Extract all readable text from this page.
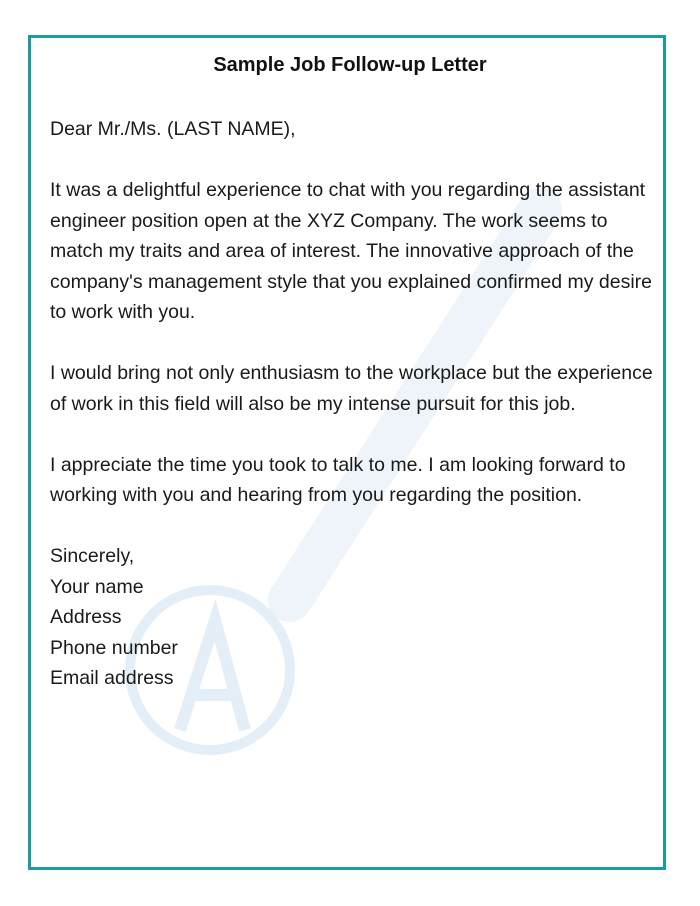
Sample Job Follow-up Letter

Dear Mr./Ms. (LAST NAME),

It was a delightful experience to chat with you regarding the assistant engineer position open at the XYZ Company. The work seems to match my traits and area of interest. The innovative approach of the company's management style that you explained confirmed my desire to work with you.

I would bring not only enthusiasm to the workplace but the experience of work in this field will also be my intense pursuit for this job.

I appreciate the time you took to talk to me. I am looking forward to working with you and hearing from you regarding the position.

Sincerely,
Your name
Address
Phone number
Email address
